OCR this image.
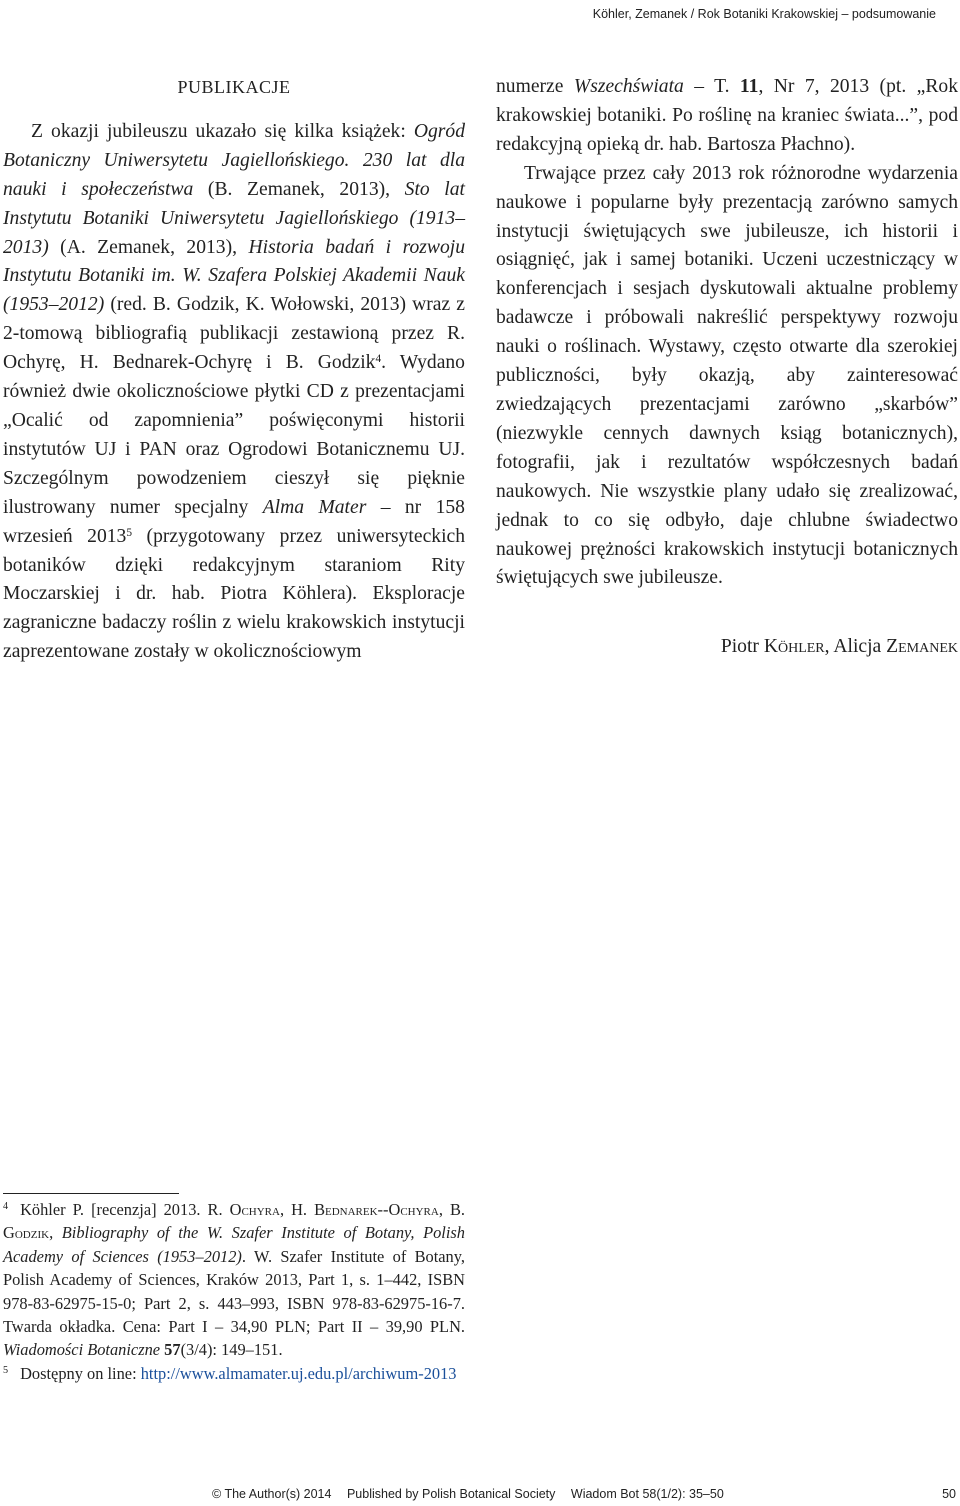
Köhler, Zemanek / Rok Botaniki Krakowskiej – podsumowanie

PUBLIKACJE

Z okazji jubileuszu ukazało się kilka książek: Ogród Botaniczny Uniwersytetu Jagiellońskiego. 230 lat dla nauki i społeczeństwa (B. Zemanek, 2013), Sto lat Instytutu Botaniki Uniwersytetu Jagiellońskiego (1913–2013) (A. Zemanek, 2013), Historia badań i rozwoju Instytutu Botaniki im. W. Szafera Polskiej Akademii Nauk (1953–2012) (red. B. Godzik, K. Wołowski, 2013) wraz z 2-tomową bibliografią publikacji zestawioną przez R. Ochyrę, H. Bednarek-Ochyrę i B. Godzik$^4$. Wydano również dwie okolicznościowe płytki CD z prezentacjami „Ocalić od zapomnienia” poświęconymi historii instytutów UJ i PAN oraz Ogrodowi Botanicznemu UJ. Szczególnym powodzeniem cieszył się pięknie ilustrowany numer specjalny Alma Mater – nr 158 wrzesień 2013$^5$ (przygotowany przez uniwersyteckich botaników dzięki redakcyjnym staraniom Rity Moczarskiej i dr. hab. Piotra Köhlera). Eksploracje zagraniczne badaczy roślin z wielu krakowskich instytucji zaprezentowane zostały w okolicznościowym

numerze Wszechświata – T. 11, Nr 7, 2013 (pt. „Rok krakowskiej botaniki. Po roślinę na kraniec świata...”, pod redakcyjną opieką dr. hab. Bartosza Płachno).

Trwające przez cały 2013 rok różnorodne wydarzenia naukowe i popularne były prezentacją zarówno samych instytucji świętujących swe jubileusze, ich historii i osiągnięć, jak i samej botaniki. Uczeni uczestniczący w konferencjach i sesjach dyskutowali aktualne problemy badawcze i próbowali nakreślić perspektywy rozwoju nauki o roślinach. Wystawy, często otwarte dla szerokiej publiczności, były okazją, aby zainteresować zwiedzających prezentacjami zarówno „skarbów” (niezwykle cennych dawnych ksiąg botanicznych), fotografii, jak i rezultatów współczesnych badań naukowych. Nie wszystkie plany udało się zrealizować, jednak to co się odbyło, daje chlubne świadectwo naukowej prężności krakowskich instytucji botanicznych świętujących swe jubileusze.

Piotr Köhler, Alicja Zemanek

$^4$ Köhler P. [recenzja] 2013. R. Ochyra, H. Bednarek--Ochyra, B. Godzik, Bibliography of the W. Szafer Institute of Botany, Polish Academy of Sciences (1953–2012). W. Szafer Institute of Botany, Polish Academy of Sciences, Kraków 2013, Part 1, s. 1–442, ISBN 978-83-62975-15-0; Part 2, s. 443–993, ISBN 978-83-62975-16-7. Twarda okładka. Cena: Part I – 34,90 PLN; Part II – 39,90 PLN. Wiadomości Botaniczne 57(3/4): 149–151.

$^5$ Dostępny on line: http://www.almamater.uj.edu.pl/archiwum-2013

© The Author(s) 2014 Published by Polish Botanical Society Wiadom Bot 58(1/2): 35–50	50
